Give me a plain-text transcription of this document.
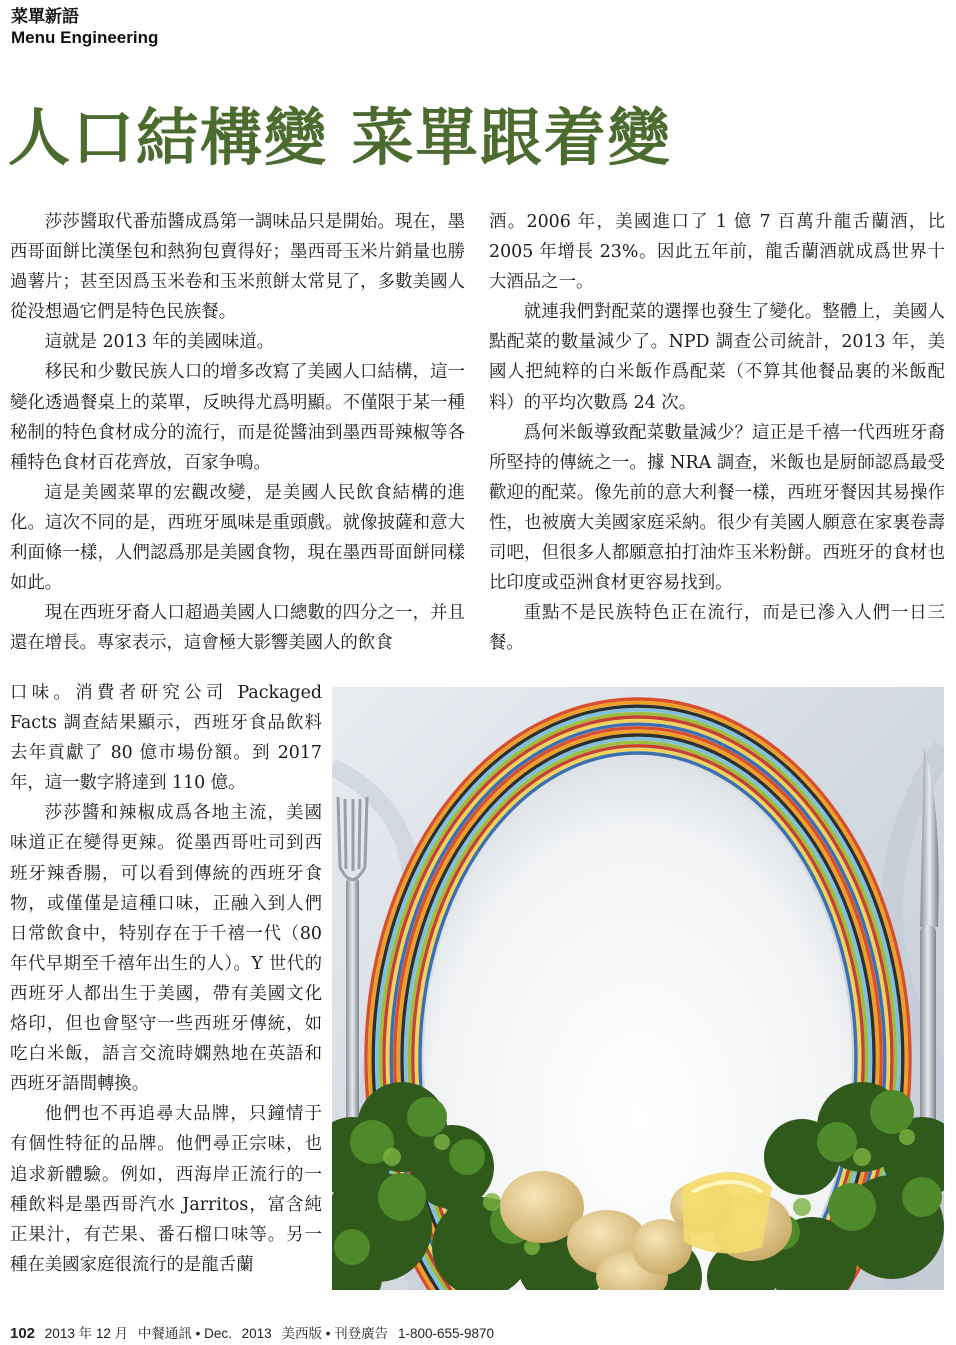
菜單新語
Menu Engineering
人口結構變 菜單跟着變

莎莎醬取代番茄醬成爲第一調味品只是開始。現在，墨西哥面餅比漢堡包和熱狗包賣得好；墨西哥玉米片銷量也勝過薯片；甚至因爲玉米卷和玉米煎餅太常見了，多數美國人從没想過它們是特色民族餐。

這就是 2013 年的美國味道。

移民和少數民族人口的增多改寫了美國人口結構，這一變化透過餐桌上的菜單，反映得尤爲明顯。不僅限于某一種秘制的特色食材成分的流行，而是從醬油到墨西哥辣椒等各種特色食材百花齊放，百家争鳴。

這是美國菜單的宏觀改變，是美國人民飲食結構的進化。這次不同的是，西班牙風味是重頭戲。就像披薩和意大利面條一樣，人們認爲那是美國食物，現在墨西哥面餅同樣如此。

現在西班牙裔人口超過美國人口總數的四分之一，并且還在增長。專家表示，這會極大影響美國人的飲食

口味。消費者研究公司 Packaged Facts 調查結果顯示，西班牙食品飲料去年貢獻了 80 億市場份額。到 2017 年，這一數字將達到 110 億。

莎莎醬和辣椒成爲各地主流，美國味道正在變得更辣。從墨西哥吐司到西班牙辣香腸，可以看到傳統的西班牙食物，或僅僅是這種口味，正融入到人們日常飲食中，特别存在于千禧一代（80 年代早期至千禧年出生的人）。Y 世代的西班牙人都出生于美國，帶有美國文化烙印，但也會堅守一些西班牙傳統，如吃白米飯，語言交流時嫻熟地在英語和西班牙語間轉換。

他們也不再追尋大品牌，只鐘情于有個性特征的品牌。他們尋正宗味，也追求新體驗。例如，西海岸正流行的一種飲料是墨西哥汽水 Jarritos，富含純正果汁，有芒果、番石榴口味等。另一種在美國家庭很流行的是龍舌蘭

酒。2006 年，美國進口了 1 億 7 百萬升龍舌蘭酒，比 2005 年增長 23%。因此五年前，龍舌蘭酒就成爲世界十大酒品之一。

就連我們對配菜的選擇也發生了變化。整體上，美國人點配菜的數量減少了。NPD 調查公司統計，2013 年，美國人把純粹的白米飯作爲配菜（不算其他餐品裏的米飯配料）的平均次數爲 24 次。

爲何米飯導致配菜數量減少？這正是千禧一代西班牙裔所堅持的傳統之一。據 NRA 調查，米飯也是厨師認爲最受歡迎的配菜。像先前的意大利餐一樣，西班牙餐因其易操作性，也被廣大美國家庭采納。很少有美國人願意在家裏卷壽司吧，但很多人都願意拍打油炸玉米粉餅。西班牙的食材也比印度或亞洲食材更容易找到。

重點不是民族特色正在流行，而是已滲入人們一日三餐。

102 2013 年 12 月 中餐通訊 • Dec. 2013 美西版 • 刊登廣告 1-800-655-9870
